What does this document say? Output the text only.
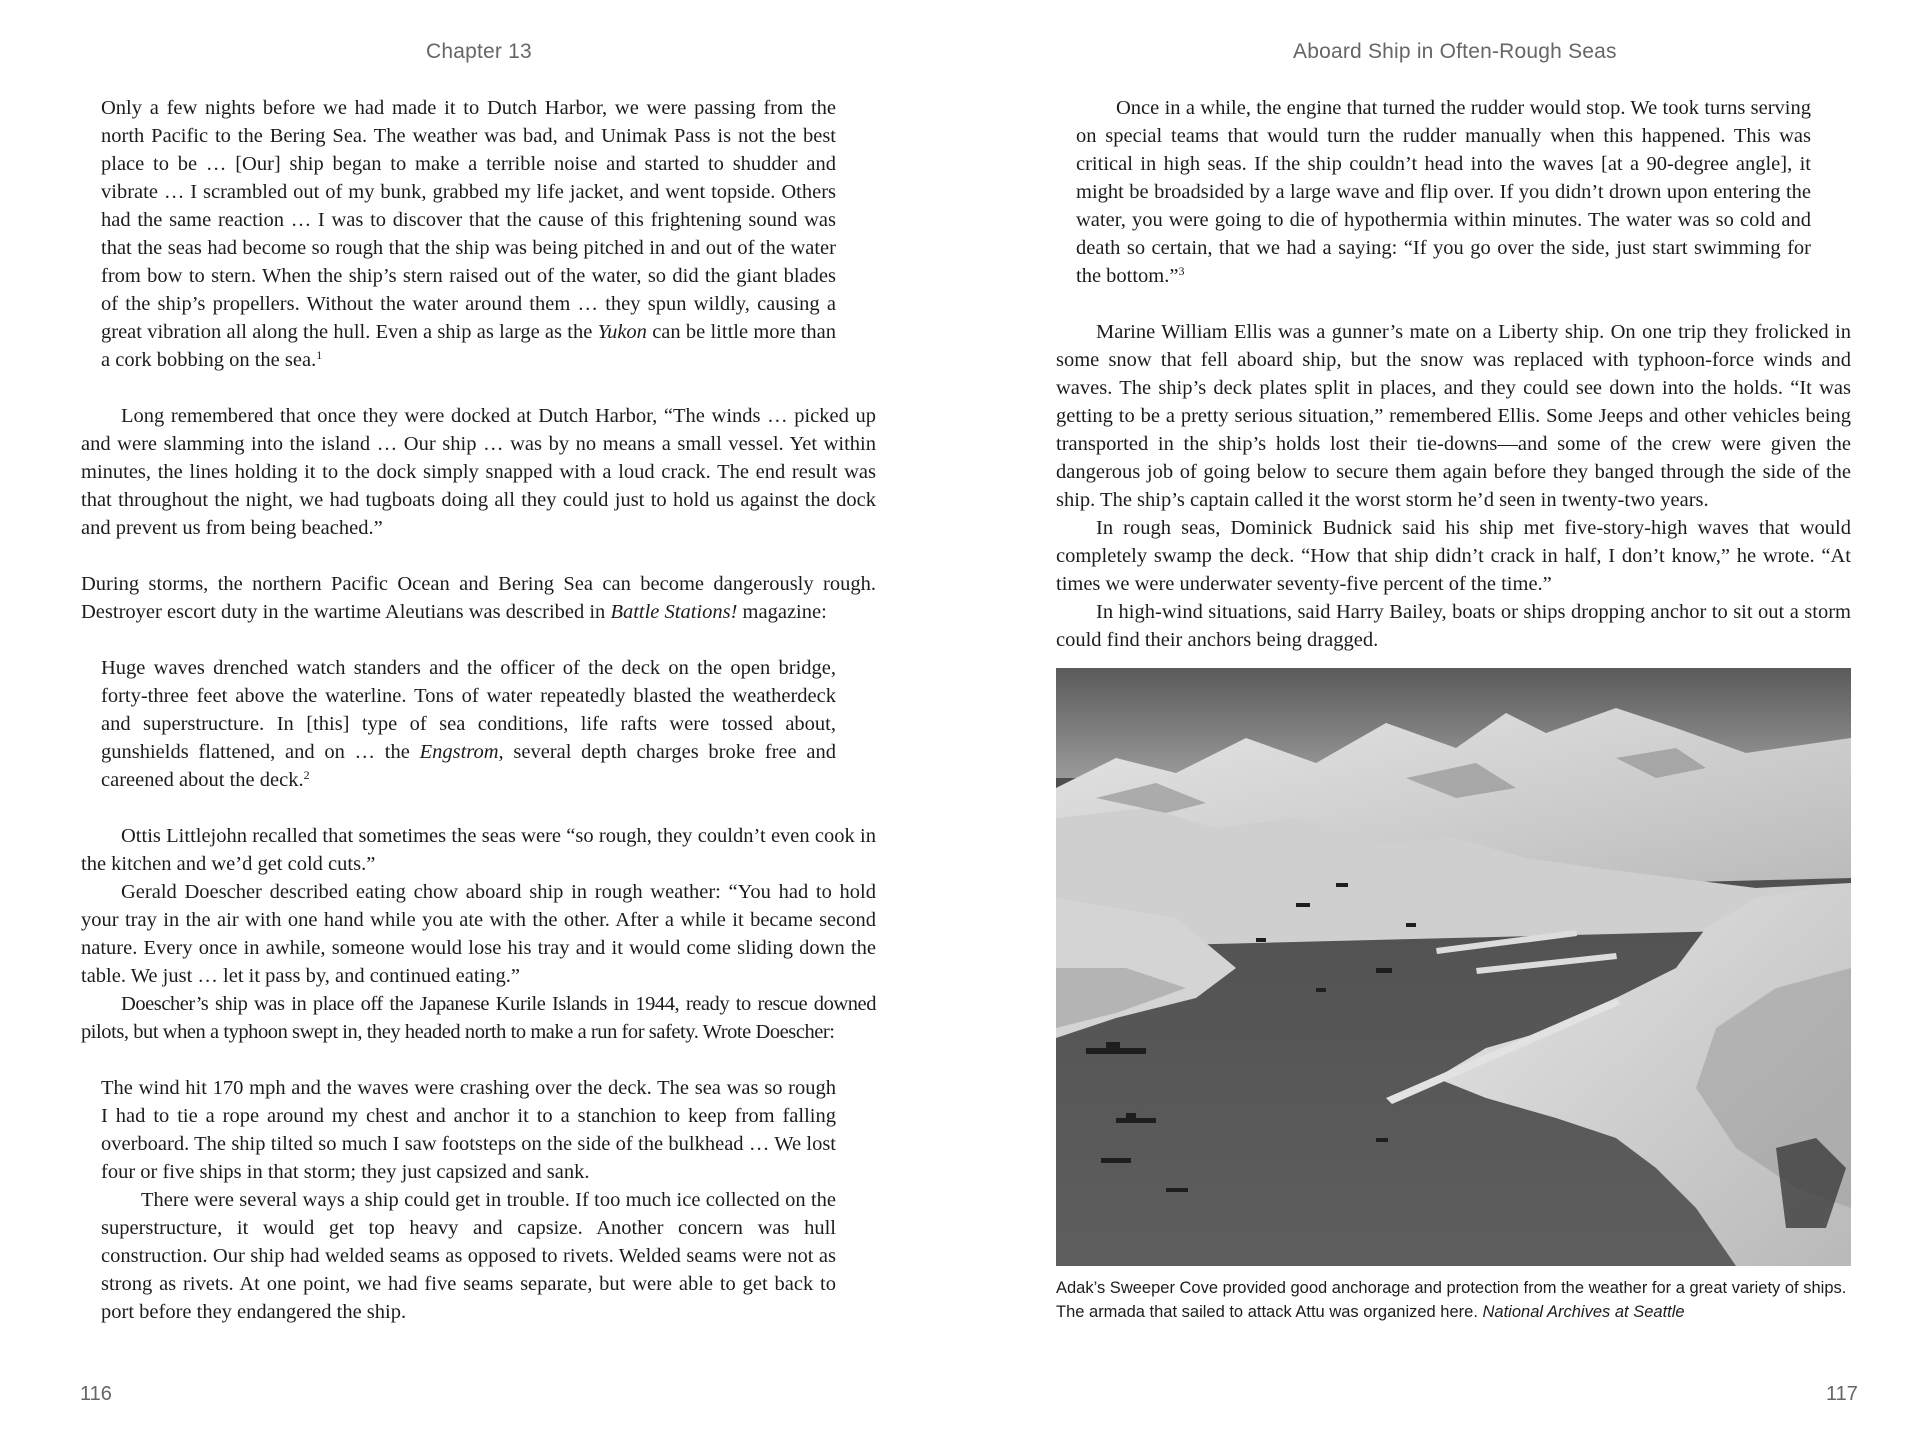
Chapter 13

Only a few nights before we had made it to Dutch Harbor, we were passing from the north Pacific to the Bering Sea. The weather was bad, and Unimak Pass is not the best place to be … [Our] ship began to make a terrible noise and started to shudder and vibrate … I scrambled out of my bunk, grabbed my life jacket, and went topside. Others had the same reaction … I was to discover that the cause of this frightening sound was that the seas had become so rough that the ship was being pitched in and out of the water from bow to stern. When the ship’s stern raised out of the water, so did the giant blades of the ship’s propellers. Without the water around them … they spun wildly, causing a great vibration all along the hull. Even a ship as large as the Yukon can be little more than a cork bobbing on the sea.$^1$

Long remembered that once they were docked at Dutch Harbor, “The winds … picked up and were slamming into the island … Our ship … was by no means a small vessel. Yet within minutes, the lines holding it to the dock simply snapped with a loud crack. The end result was that throughout the night, we had tugboats doing all they could just to hold us against the dock and prevent us from being beached.”

During storms, the northern Pacific Ocean and Bering Sea can become dangerously rough. Destroyer escort duty in the wartime Aleutians was described in Battle Stations! magazine:

Huge waves drenched watch standers and the officer of the deck on the open bridge, forty-three feet above the waterline. Tons of water repeatedly blasted the weatherdeck and superstructure. In [this] type of sea conditions, life rafts were tossed about, gunshields flattened, and on … the Engstrom, several depth charges broke free and careened about the deck.$^2$

Ottis Littlejohn recalled that sometimes the seas were “so rough, they couldn’t even cook in the kitchen and we’d get cold cuts.”

Gerald Doescher described eating chow aboard ship in rough weather: “You had to hold your tray in the air with one hand while you ate with the other. After a while it became second nature. Every once in awhile, someone would lose his tray and it would come sliding down the table. We just … let it pass by, and continued eating.”

Doescher’s ship was in place off the Japanese Kurile Islands in 1944, ready to rescue downed pilots, but when a typhoon swept in, they headed north to make a run for safety. Wrote Doescher:

The wind hit 170 mph and the waves were crashing over the deck. The sea was so rough I had to tie a rope around my chest and anchor it to a stanchion to keep from falling overboard. The ship tilted so much I saw footsteps on the side of the bulkhead … We lost four or five ships in that storm; they just capsized and sank.

There were several ways a ship could get in trouble. If too much ice collected on the superstructure, it would get top heavy and capsize. Another concern was hull construction. Our ship had welded seams as opposed to rivets. Welded seams were not as strong as rivets. At one point, we had five seams separate, but were able to get back to port before they endangered the ship.

116
Aboard Ship in Often-Rough Seas

Once in a while, the engine that turned the rudder would stop. We took turns serving on special teams that would turn the rudder manually when this happened. This was critical in high seas. If the ship couldn’t head into the waves [at a 90-degree angle], it might be broadsided by a large wave and flip over. If you didn’t drown upon entering the water, you were going to die of hypothermia within minutes. The water was so cold and death so certain, that we had a saying: “If you go over the side, just start swimming for the bottom.”$^3$

Marine William Ellis was a gunner’s mate on a Liberty ship. On one trip they frolicked in some snow that fell aboard ship, but the snow was replaced with typhoon-force winds and waves. The ship’s deck plates split in places, and they could see down into the holds. “It was getting to be a pretty serious situation,” remembered Ellis. Some Jeeps and other vehicles being transported in the ship’s holds lost their tie-downs—and some of the crew were given the dangerous job of going below to secure them again before they banged through the side of the ship. The ship’s captain called it the worst storm he’d seen in twenty-two years.

In rough seas, Dominick Budnick said his ship met five-story-high waves that would completely swamp the deck. “How that ship didn’t crack in half, I don’t know,” he wrote. “At times we were underwater seventy-five percent of the time.”

In high-wind situations, said Harry Bailey, boats or ships dropping anchor to sit out a storm could find their anchors being dragged.

Adak’s Sweeper Cove provided good anchorage and protection from the weather for a great variety of ships. The armada that sailed to attack Attu was organized here. National Archives at Seattle
117
